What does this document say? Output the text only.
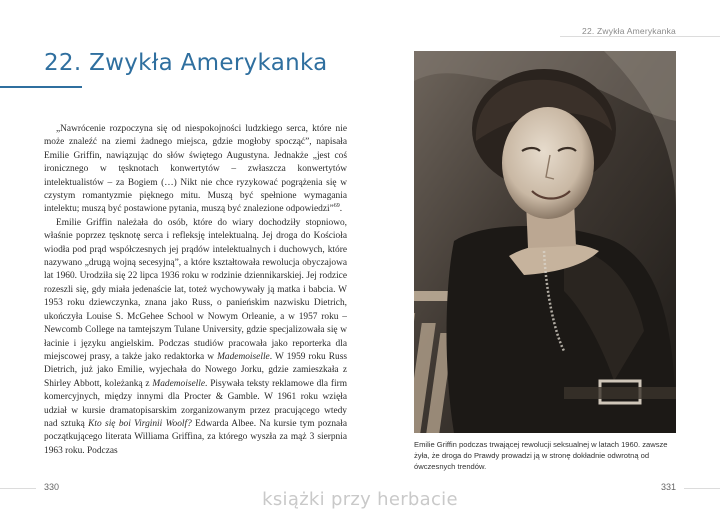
22. Zwykła Amerykanka
22. Zwykła Amerykanka

„Nawrócenie rozpoczyna się od niespokojności ludzkiego serca, które nie może znaleźć na ziemi żadnego miejsca, gdzie mogłoby spocząć”, napisała Emilie Griffin, nawiązując do słów świętego Augustyna. Jednakże „jest coś ironicznego w tęsknotach konwertytów – zwłaszcza konwertytów intelektualistów – za Bogiem (…) Nikt nie chce ryzykować pogrążenia się w czystym romantyzmie pięknego mitu. Muszą być spełnione wymagania intelektu; muszą być postawione pytania, muszą być znalezione odpowiedzi”$^{69}$.

Emilie Griffin należała do osób, które do wiary dochodziły stopniowo, właśnie poprzez tęsknotę serca i refleksję intelektualną. Jej droga do Kościoła wiodła pod prąd współczesnych jej prądów intelektualnych i duchowych, które nazywano „drugą wojną secesyjną”, a które kształtowała rewolucja obyczajowa lat 1960. Urodziła się 22 lipca 1936 roku w rodzinie dziennikarskiej. Jej rodzice rozeszli się, gdy miała jedenaście lat, toteż wychowywały ją matka i babcia. W 1953 roku dziewczynka, znana jako Russ, o panieńskim nazwisku Dietrich, ukończyła Louise S. McGehee School w Nowym Orleanie, a w 1957 roku – Newcomb College na tamtejszym Tulane University, gdzie specjalizowała się w łacinie i języku angielskim. Podczas studiów pracowała jako reporterka dla miejscowej prasy, a także jako redaktorka w Mademoiselle. W 1959 roku Russ Dietrich, już jako Emilie, wyjechała do Nowego Jorku, gdzie zamieszkała z Shirley Abbott, koleżanką z Mademoiselle. Pisywała teksty reklamowe dla firm komercyjnych, między innymi dla Procter & Gamble. W 1961 roku wzięła udział w kursie dramatopisarskim zorganizowanym przez pracującego wtedy nad sztuką Kto się boi Virginii Woolf? Edwarda Albee. Na kursie tym poznała początkującego literata Williama Griffina, za którego wyszła za mąż 3 sierpnia 1963 roku. Podczas

Emilie Griffin podczas trwającej rewolucji seksualnej w latach 1960. zawsze żyła, że droga do Prawdy prowadzi ją w stronę dokładnie odwrotną od ówczesnych trendów.
330	331
książki przy herbacie
